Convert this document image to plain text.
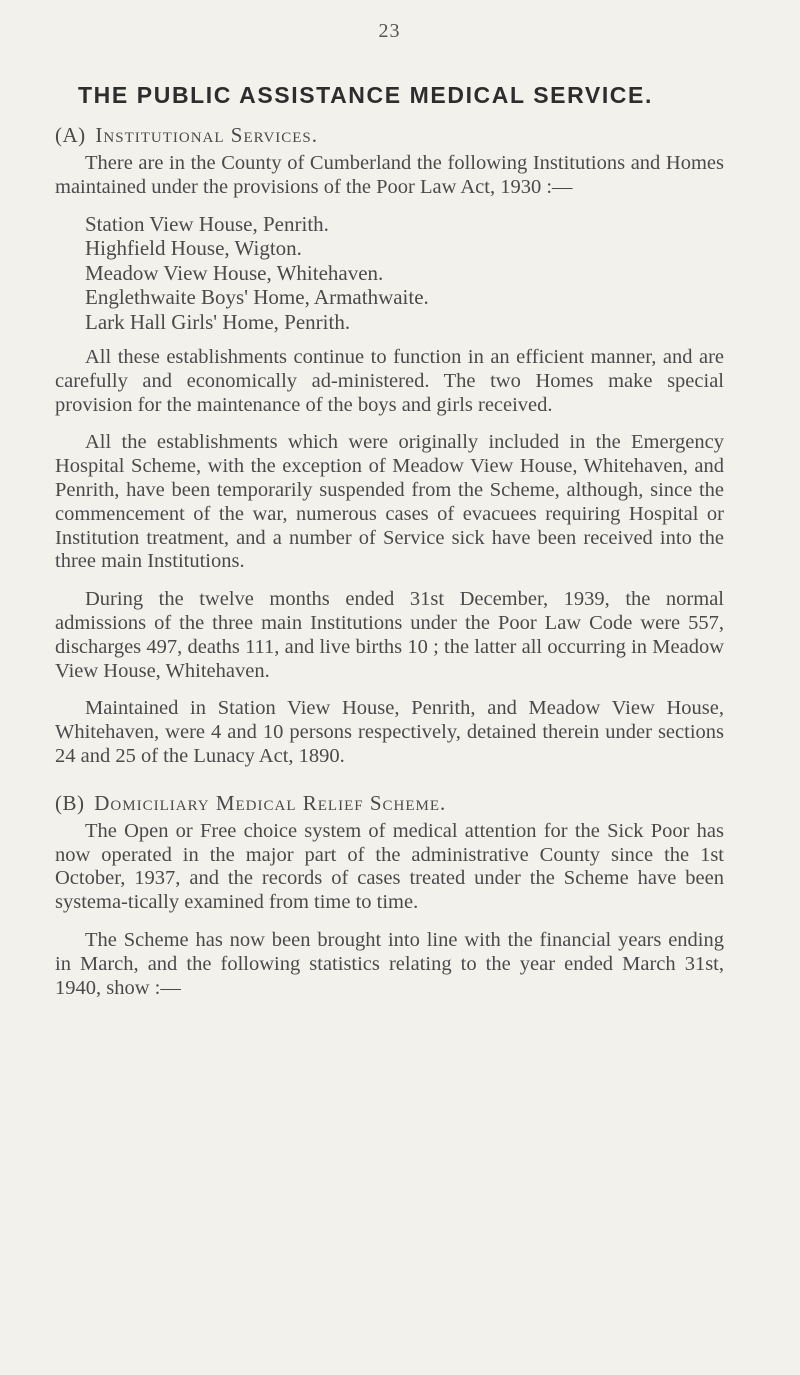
23
THE PUBLIC ASSISTANCE MEDICAL SERVICE.
(A) Institutional Services.

There are in the County of Cumberland the following Institutions and Homes maintained under the provisions of the Poor Law Act, 1930 :—

Station View House, Penrith.
Highfield House, Wigton.
Meadow View House, Whitehaven.
Englethwaite Boys' Home, Armathwaite.
Lark Hall Girls' Home, Penrith.

All these establishments continue to function in an efficient manner, and are carefully and economically ad-ministered. The two Homes make special provision for the maintenance of the boys and girls received.

All the establishments which were originally included in the Emergency Hospital Scheme, with the exception of Meadow View House, Whitehaven, and Penrith, have been temporarily suspended from the Scheme, although, since the commencement of the war, numerous cases of evacuees requiring Hospital or Institution treatment, and a number of Service sick have been received into the three main Institutions.

During the twelve months ended 31st December, 1939, the normal admissions of the three main Institutions under the Poor Law Code were 557, discharges 497, deaths 111, and live births 10 ; the latter all occurring in Meadow View House, Whitehaven.

Maintained in Station View House, Penrith, and Meadow View House, Whitehaven, were 4 and 10 persons respectively, detained therein under sections 24 and 25 of the Lunacy Act, 1890.

(B) Domiciliary Medical Relief Scheme.

The Open or Free choice system of medical attention for the Sick Poor has now operated in the major part of the administrative County since the 1st October, 1937, and the records of cases treated under the Scheme have been systema-tically examined from time to time.

The Scheme has now been brought into line with the financial years ending in March, and the following statistics relating to the year ended March 31st, 1940, show :—
